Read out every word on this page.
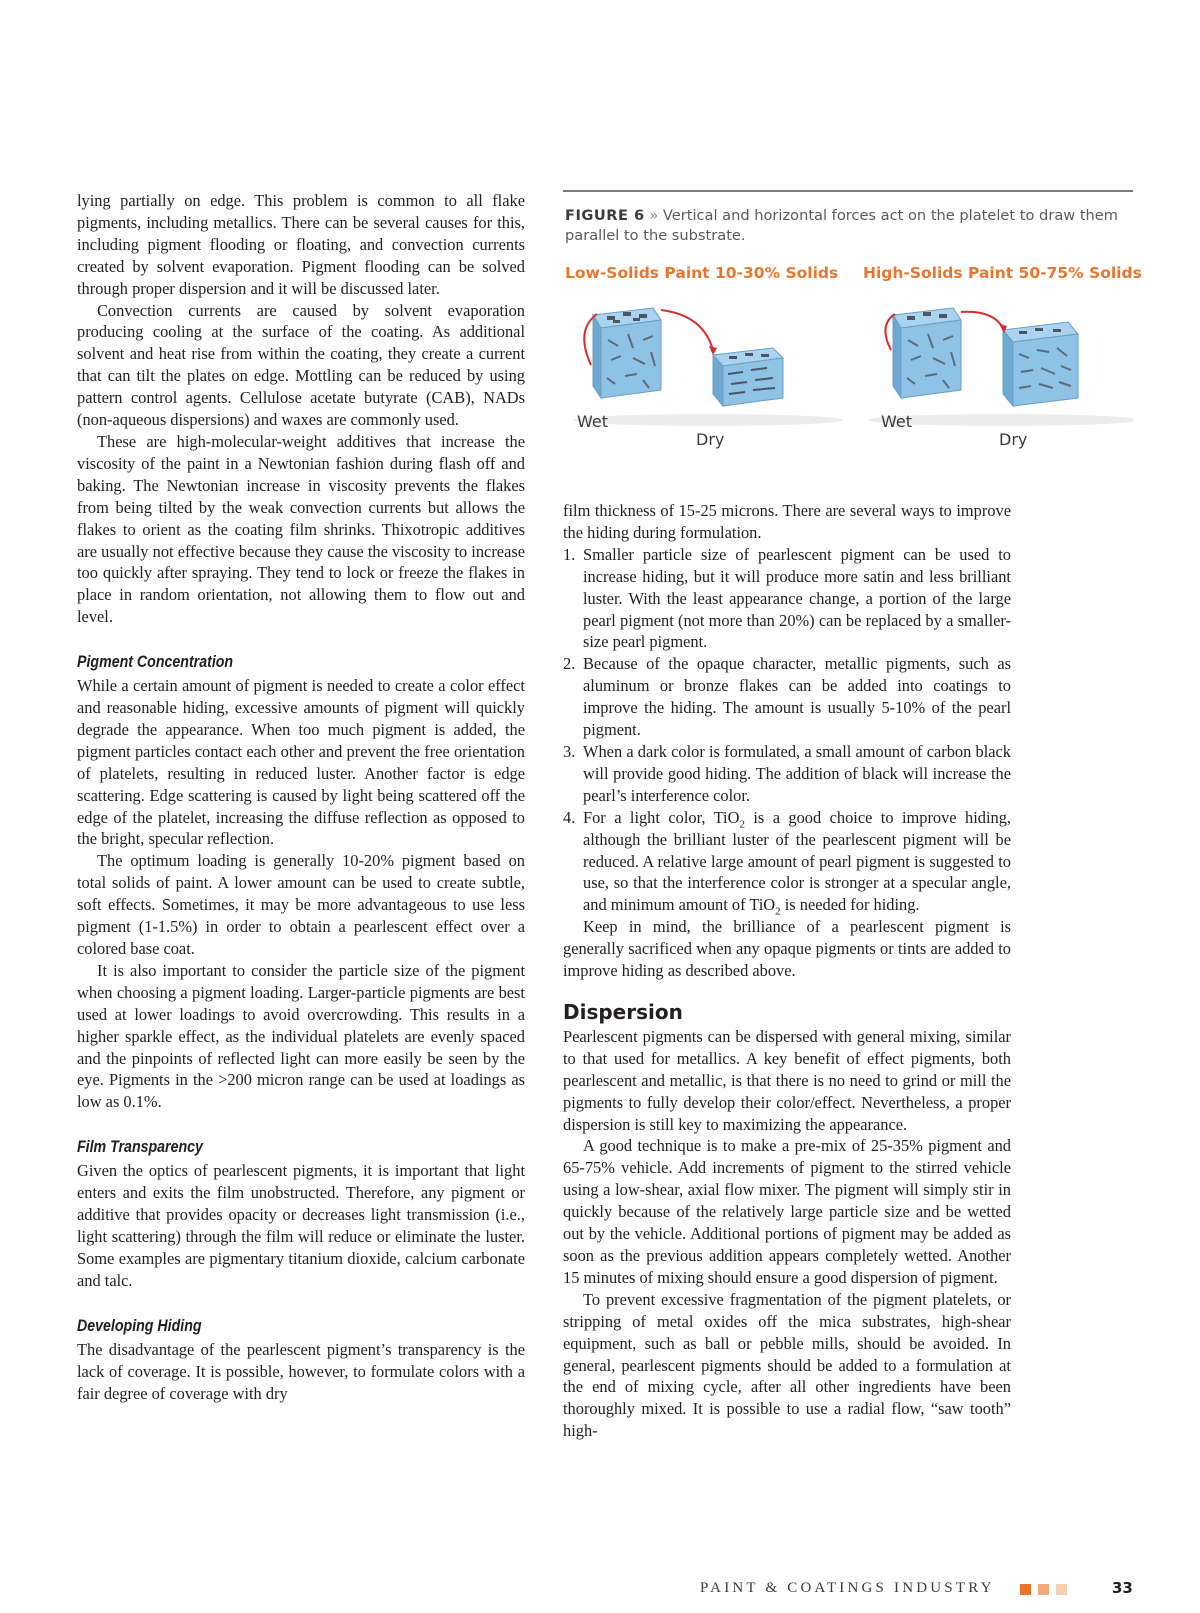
lying partially on edge. This problem is common to all flake pigments, including metallics. There can be several causes for this, including pigment flooding or floating, and convection currents created by solvent evaporation. Pigment flooding can be solved through proper dispersion and it will be discussed later.

Convection currents are caused by solvent evaporation producing cooling at the surface of the coating. As additional solvent and heat rise from within the coating, they create a current that can tilt the plates on edge. Mottling can be reduced by using pattern control agents. Cellulose acetate butyrate (CAB), NADs (non-aqueous dispersions) and waxes are commonly used.

These are high-molecular-weight additives that increase the viscosity of the paint in a Newtonian fashion during flash off and baking. The Newtonian increase in viscosity prevents the flakes from being tilted by the weak convection currents but allows the flakes to orient as the coating film shrinks. Thixotropic additives are usually not effective because they cause the viscosity to increase too quickly after spraying. They tend to lock or freeze the flakes in place in random orientation, not allowing them to flow out and level.

Pigment Concentration

While a certain amount of pigment is needed to create a color effect and reasonable hiding, excessive amounts of pigment will quickly degrade the appearance. When too much pigment is added, the pigment particles contact each other and prevent the free orientation of platelets, resulting in reduced luster. Another factor is edge scattering. Edge scattering is caused by light being scattered off the edge of the platelet, increasing the diffuse reflection as opposed to the bright, specular reflection.

The optimum loading is generally 10-20% pigment based on total solids of paint. A lower amount can be used to create subtle, soft effects. Sometimes, it may be more advantageous to use less pigment (1-1.5%) in order to obtain a pearlescent effect over a colored base coat.

It is also important to consider the particle size of the pigment when choosing a pigment loading. Larger-particle pigments are best used at lower loadings to avoid overcrowding. This results in a higher sparkle effect, as the individual platelets are evenly spaced and the pinpoints of reflected light can more easily be seen by the eye. Pigments in the >200 micron range can be used at loadings as low as 0.1%.

Film Transparency

Given the optics of pearlescent pigments, it is important that light enters and exits the film unobstructed. Therefore, any pigment or additive that provides opacity or decreases light transmission (i.e., light scattering) through the film will reduce or eliminate the luster. Some examples are pigmentary titanium dioxide, calcium carbonate and talc.

Developing Hiding

The disadvantage of the pearlescent pigment’s transparency is the lack of coverage. It is possible, however, to formulate colors with a fair degree of coverage with dry

FIGURE 6 » Vertical and horizontal forces act on the platelet to draw them parallel to the substrate.
Low-Solids Paint 10-30% Solids High-Solids Paint 50-75% Solids
Wet
Dry
Wet
Dry

film thickness of 15-25 microns. There are several ways to improve the hiding during formulation.

1. Smaller particle size of pearlescent pigment can be used to increase hiding, but it will produce more satin and less brilliant luster. With the least appearance change, a portion of the large pearl pigment (not more than 20%) can be replaced by a smaller-size pearl pigment.
2. Because of the opaque character, metallic pigments, such as aluminum or bronze flakes can be added into coatings to improve the hiding. The amount is usually 5-10% of the pearl pigment.
3. When a dark color is formulated, a small amount of carbon black will provide good hiding. The addition of black will increase the pearl’s interference color.
4. For a light color, TiO$_2$ is a good choice to improve hiding, although the brilliant luster of the pearlescent pigment will be reduced. A relative large amount of pearl pigment is suggested to use, so that the interference color is stronger at a specular angle, and minimum amount of TiO$_2$ is needed for hiding.

Keep in mind, the brilliance of a pearlescent pigment is generally sacrificed when any opaque pigments or tints are added to improve hiding as described above.

Dispersion

Pearlescent pigments can be dispersed with general mixing, similar to that used for metallics. A key benefit of effect pigments, both pearlescent and metallic, is that there is no need to grind or mill the pigments to fully develop their color/effect. Nevertheless, a proper dispersion is still key to maximizing the appearance.

A good technique is to make a pre-mix of 25-35% pigment and 65-75% vehicle. Add increments of pigment to the stirred vehicle using a low-shear, axial flow mixer. The pigment will simply stir in quickly because of the relatively large particle size and be wetted out by the vehicle. Additional portions of pigment may be added as soon as the previous addition appears completely wetted. Another 15 minutes of mixing should ensure a good dispersion of pigment.

To prevent excessive fragmentation of the pigment platelets, or stripping of metal oxides off the mica substrates, high-shear equipment, such as ball or pebble mills, should be avoided. In general, pearlescent pigments should be added to a formulation at the end of mixing cycle, after all other ingredients have been thoroughly mixed. It is possible to use a radial flow, “saw tooth” high-

PAINT & COATINGS INDUSTRY	33
